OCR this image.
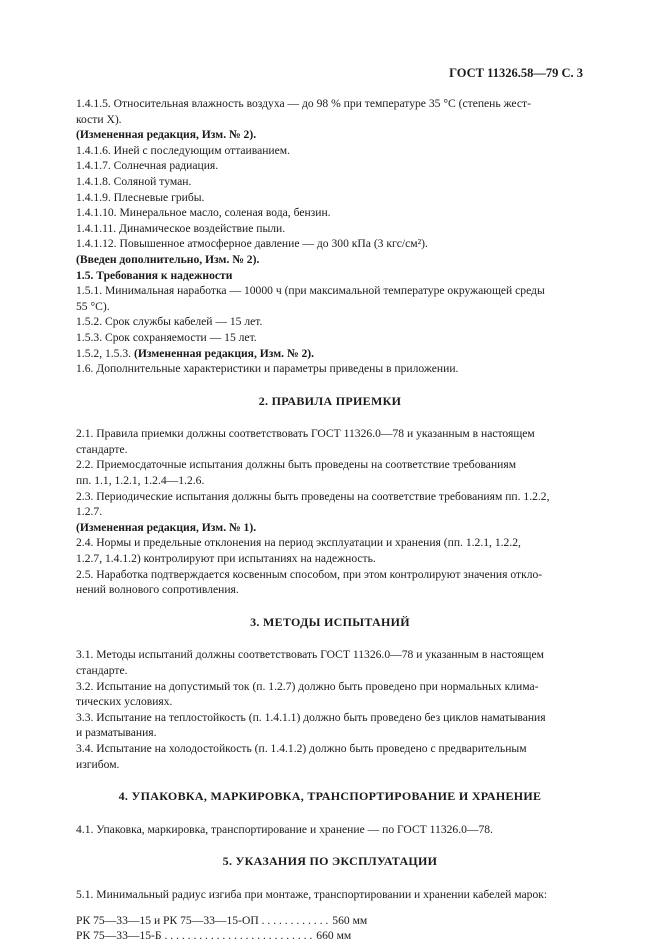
ГОСТ 11326.58—79 С. 3

1.4.1.5. Относительная влажность воздуха — до 98 % при температуре 35 °С (степень жест-

кости X).

(Измененная редакция, Изм. № 2).

1.4.1.6. Иней с последующим оттаиванием.

1.4.1.7. Солнечная радиация.

1.4.1.8. Соляной туман.

1.4.1.9. Плесневые грибы.

1.4.1.10. Минеральное масло, соленая вода, бензин.

1.4.1.11. Динамическое воздействие пыли.

1.4.1.12. Повышенное атмосферное давление — до 300 кПа (3 кгс/см²).

(Введен дополнительно, Изм. № 2).

1.5. Требования к надежности

1.5.1. Минимальная наработка — 10000 ч (при максимальной температуре окружающей среды

55 °С).

1.5.2. Срок службы кабелей — 15 лет.

1.5.3. Срок сохраняемости — 15 лет.

1.5.2, 1.5.3. (Измененная редакция, Изм. № 2).

1.6. Дополнительные характеристики и параметры приведены в приложении.

2. ПРАВИЛА ПРИЕМКИ

2.1. Правила приемки должны соответствовать ГОСТ 11326.0—78 и указанным в настоящем

стандарте.

2.2. Приемосдаточные испытания должны быть проведены на соответствие требованиям

пп. 1.1, 1.2.1, 1.2.4—1.2.6.

2.3. Периодические испытания должны быть проведены на соответствие требованиям пп. 1.2.2,

1.2.7.

(Измененная редакция, Изм. № 1).

2.4. Нормы и предельные отклонения на период эксплуатации и хранения (пп. 1.2.1, 1.2.2,

1.2.7, 1.4.1.2) контролируют при испытаниях на надежность.

2.5. Наработка подтверждается косвенным способом, при этом контролируют значения откло-

нений волнового сопротивления.

3. МЕТОДЫ ИСПЫТАНИЙ

3.1. Методы испытаний должны соответствовать ГОСТ 11326.0—78 и указанным в настоящем

стандарте.

3.2. Испытание на допустимый ток (п. 1.2.7) должно быть проведено при нормальных клима-

тических условиях.

3.3. Испытание на теплостойкость (п. 1.4.1.1) должно быть проведено без циклов наматывания

и разматывания.

3.4. Испытание на холодостойкость (п. 1.4.1.2) должно быть проведено с предварительным

изгибом.

4. УПАКОВКА, МАРКИРОВКА, ТРАНСПОРТИРОВАНИЕ И ХРАНЕНИЕ

4.1. Упаковка, маркировка, транспортирование и хранение — по ГОСТ 11326.0—78.

5. УКАЗАНИЯ ПО ЭКСПЛУАТАЦИИ

5.1. Минимальный радиус изгиба при монтаже, транспортировании и хранении кабелей марок:

РК 75—33—15 и РК 75—33—15-ОП . . . . . . . . . . . . 560 мм
РК 75—33—15-Б . . . . . . . . . . . . . . . . . . . . . . . . . . 660 мм
